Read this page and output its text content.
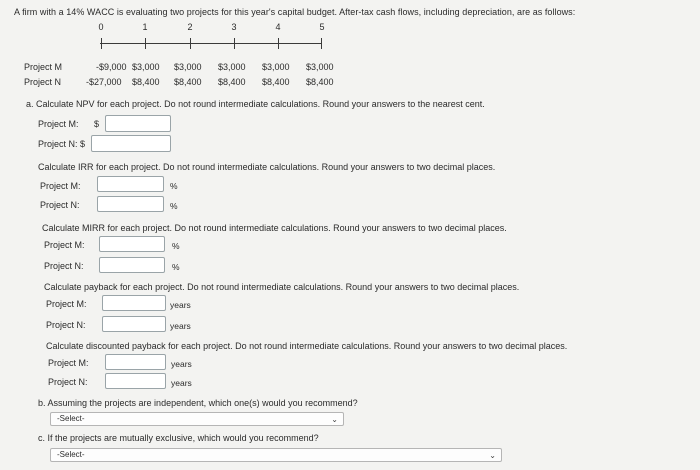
A firm with a 14% WACC is evaluating two projects for this year's capital budget. After-tax cash flows, including depreciation, are as follows:
0	1	2	3	4	5
Project M	-$9,000 $3,000 $3,000 $3,000 $3,000 $3,000
Project N	-$27,000 $8,400 $8,400 $8,400 $8,400 $8,400
a. Calculate NPV for each project. Do not round intermediate calculations. Round your answers to the nearest cent.
Project M: $
Project N: $
Calculate IRR for each project. Do not round intermediate calculations. Round your answers to two decimal places.
Project M:	%
Project N:	%
Calculate MIRR for each project. Do not round intermediate calculations. Round your answers to two decimal places.
Project M:	%
Project N:	%
Calculate payback for each project. Do not round intermediate calculations. Round your answers to two decimal places.
Project M:	years
Project N:	years
Calculate discounted payback for each project. Do not round intermediate calculations. Round your answers to two decimal places.
Project M:	years
Project N:	years
b. Assuming the projects are independent, which one(s) would you recommend?
-Select-	⌄
c. If the projects are mutually exclusive, which would you recommend?
-Select-	⌄
